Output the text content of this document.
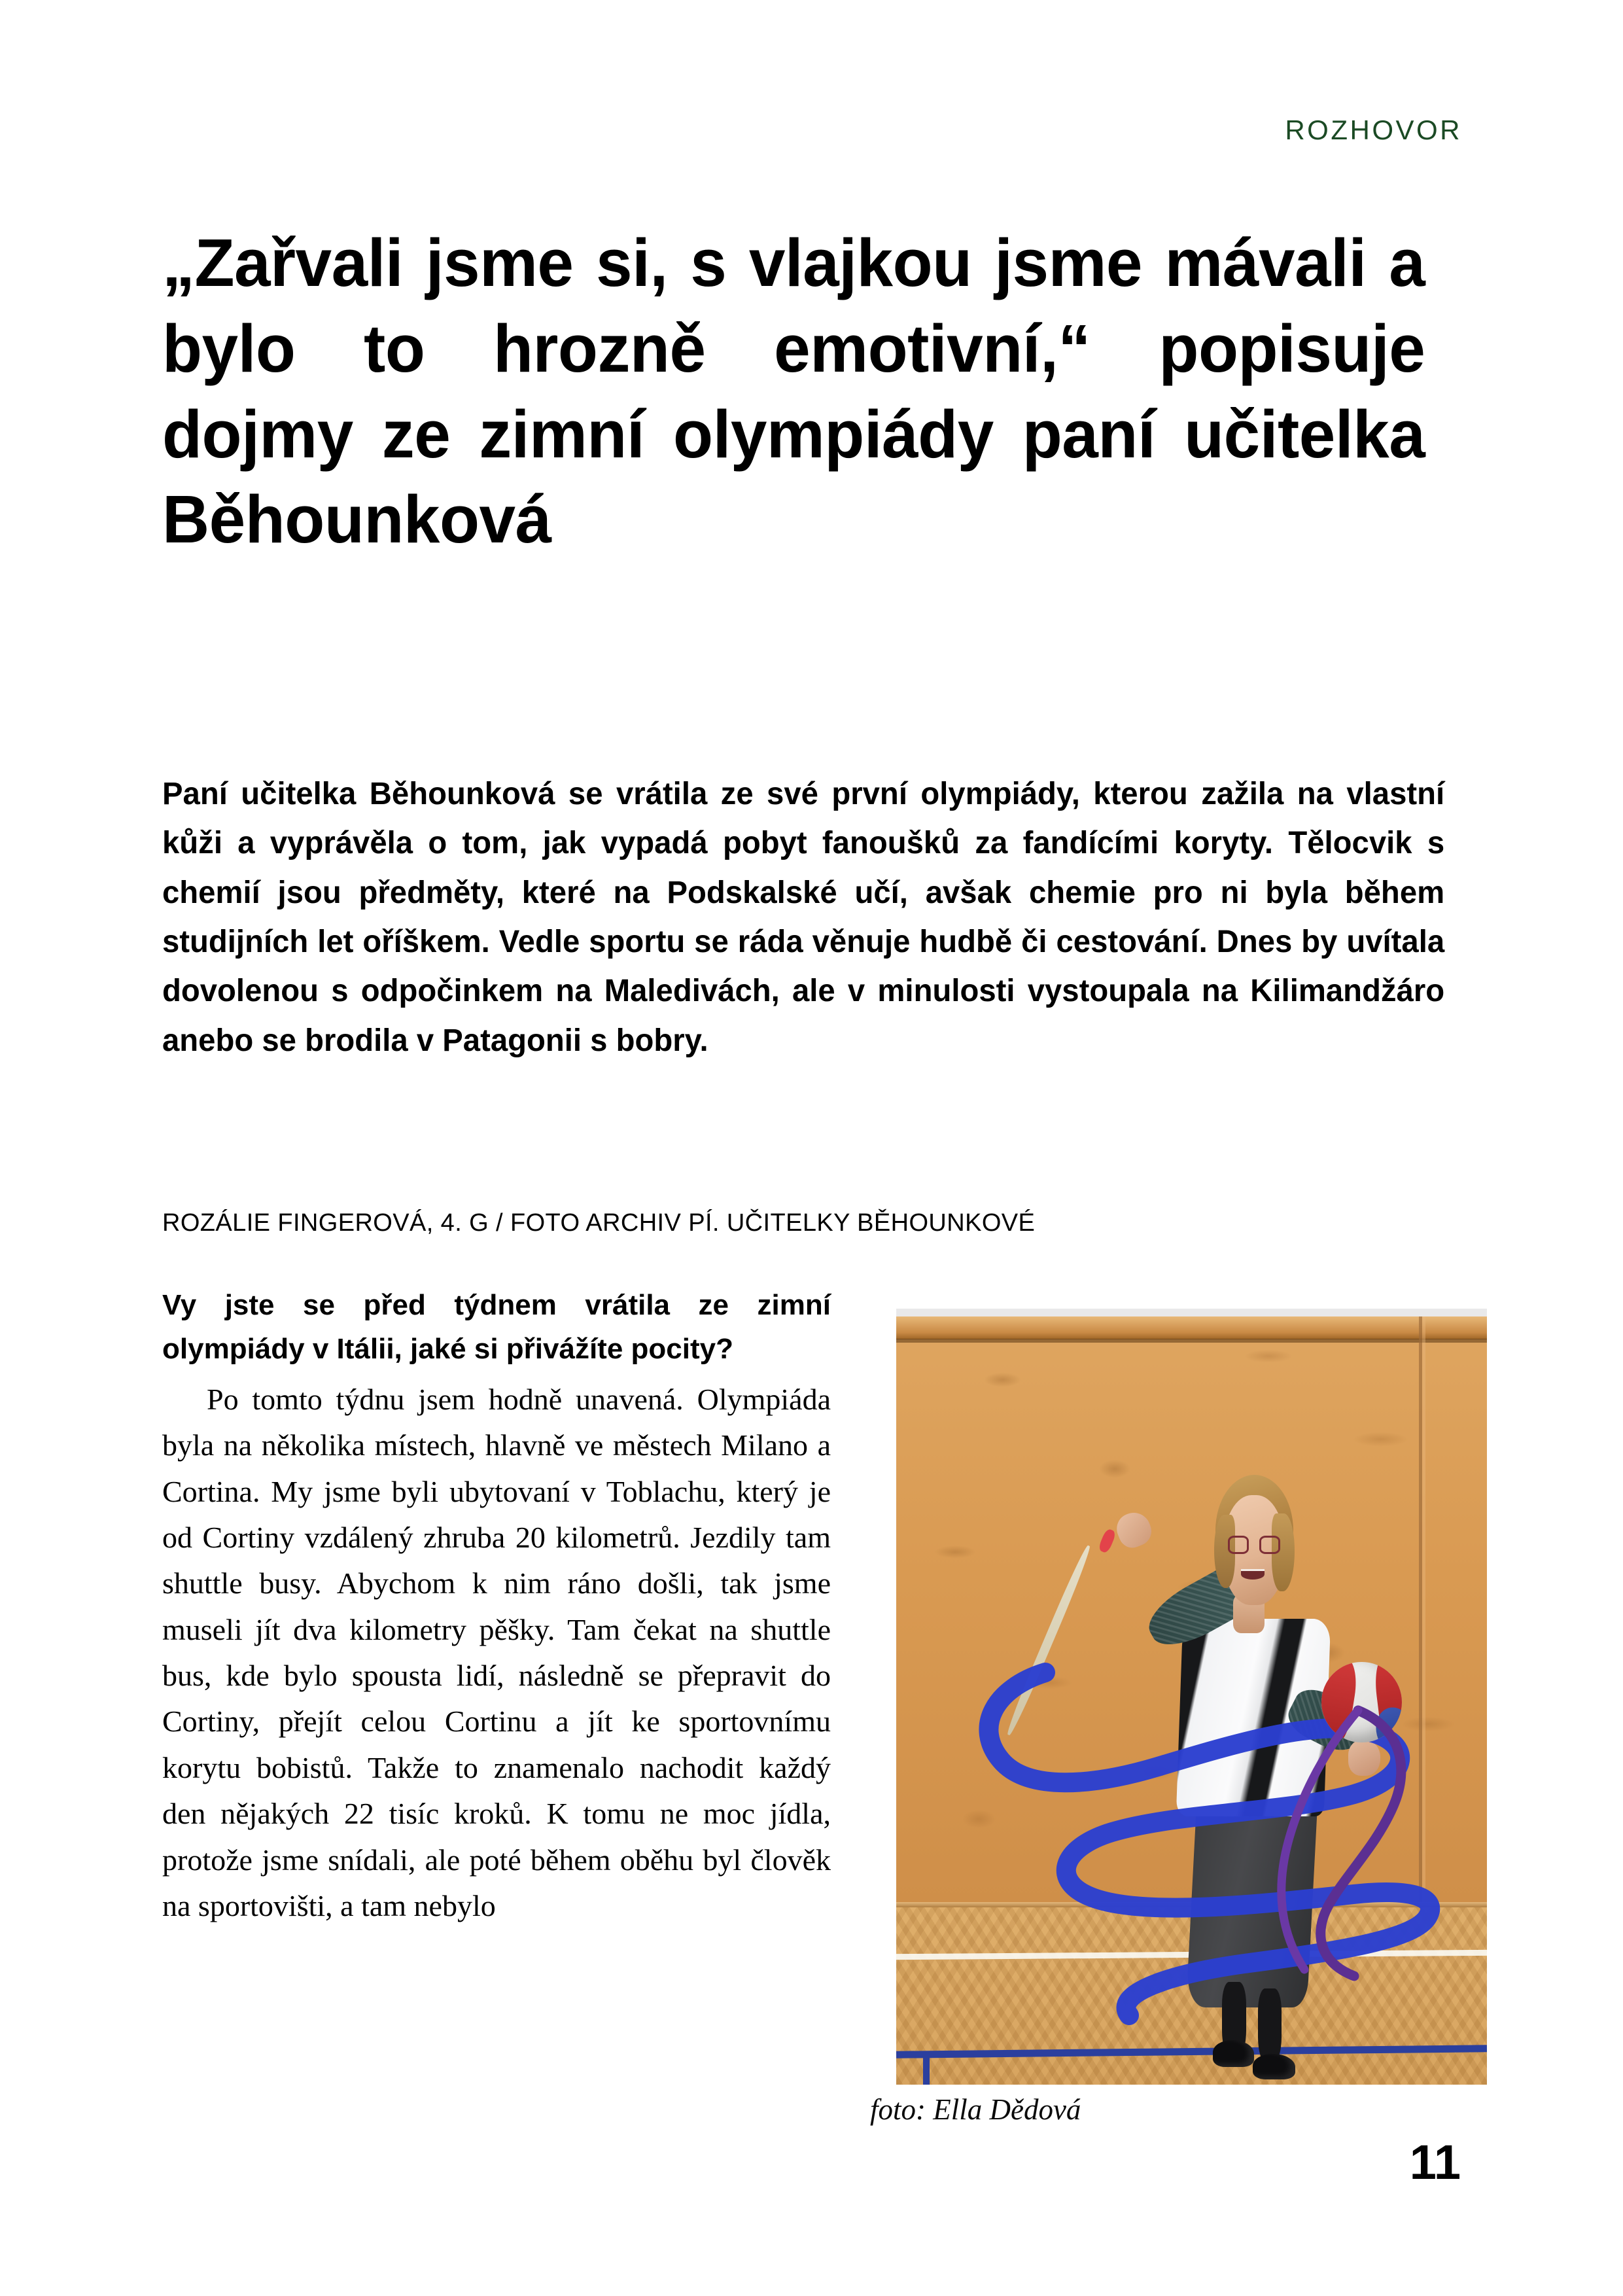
ROZHOVOR
„Zařvali jsme si, s vlajkou jsme mávali a bylo to hrozně emotivní,“ popisuje dojmy ze zimní olympiády paní učitelka Běhounková

Paní učitelka Běhounková se vrátila ze své první olympiády, kterou zažila na vlastní kůži a vyprávěla o tom, jak vypadá pobyt fanoušků za fandícími koryty. Tělocvik s chemií jsou předměty, které na Podskalské učí, avšak chemie pro ni byla během studijních let oříškem. Vedle sportu se ráda věnuje hudbě či cestování. Dnes by uvítala dovolenou s odpočinkem na Maledivách, ale v minulosti vystoupala na Kilimandžáro anebo se brodila v Patagonii s bobry.

ROZÁLIE FINGEROVÁ, 4. G / FOTO ARCHIV PÍ. UČITELKY BĚHOUNKOVÉ

Vy jste se před týdnem vrátila ze zimní olympiády v Itálii, jaké si přivážíte pocity?

Po tomto týdnu jsem hodně unavená. Olympiáda byla na několika místech, hlavně ve městech Milano a Cortina. My jsme byli ubytovaní v Toblachu, který je od Cortiny vzdálený zhruba 20 kilometrů. Jezdily tam shuttle busy. Abychom k nim ráno došli, tak jsme museli jít dva kilometry pěšky. Tam čekat na shuttle bus, kde bylo spousta lidí, následně se přepravit do Cortiny, přejít celou Cortinu a jít ke sportovnímu korytu bobistů. Takže to znamenalo nachodit každý den nějakých 22 tisíc kroků. K tomu ne moc jídla, protože jsme snídali, ale poté během oběhu byl člověk na sportovišti, a tam nebylo

foto: Ella Dědová
11
